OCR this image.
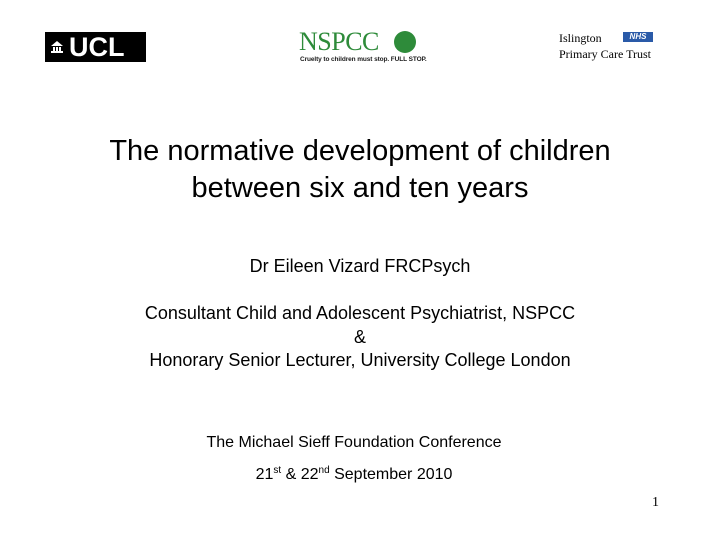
UCL	NSPCC
Cruelty to children must stop. FULL STOP.
Islington
Primary Care Trust
NHS
The normative development of children
between six and ten years
Dr Eileen Vizard FRCPsych
Consultant Child and Adolescent Psychiatrist, NSPCC
&
Honorary Senior Lecturer, University College London
The Michael Sieff Foundation Conference
21st & 22nd September 2010
1
